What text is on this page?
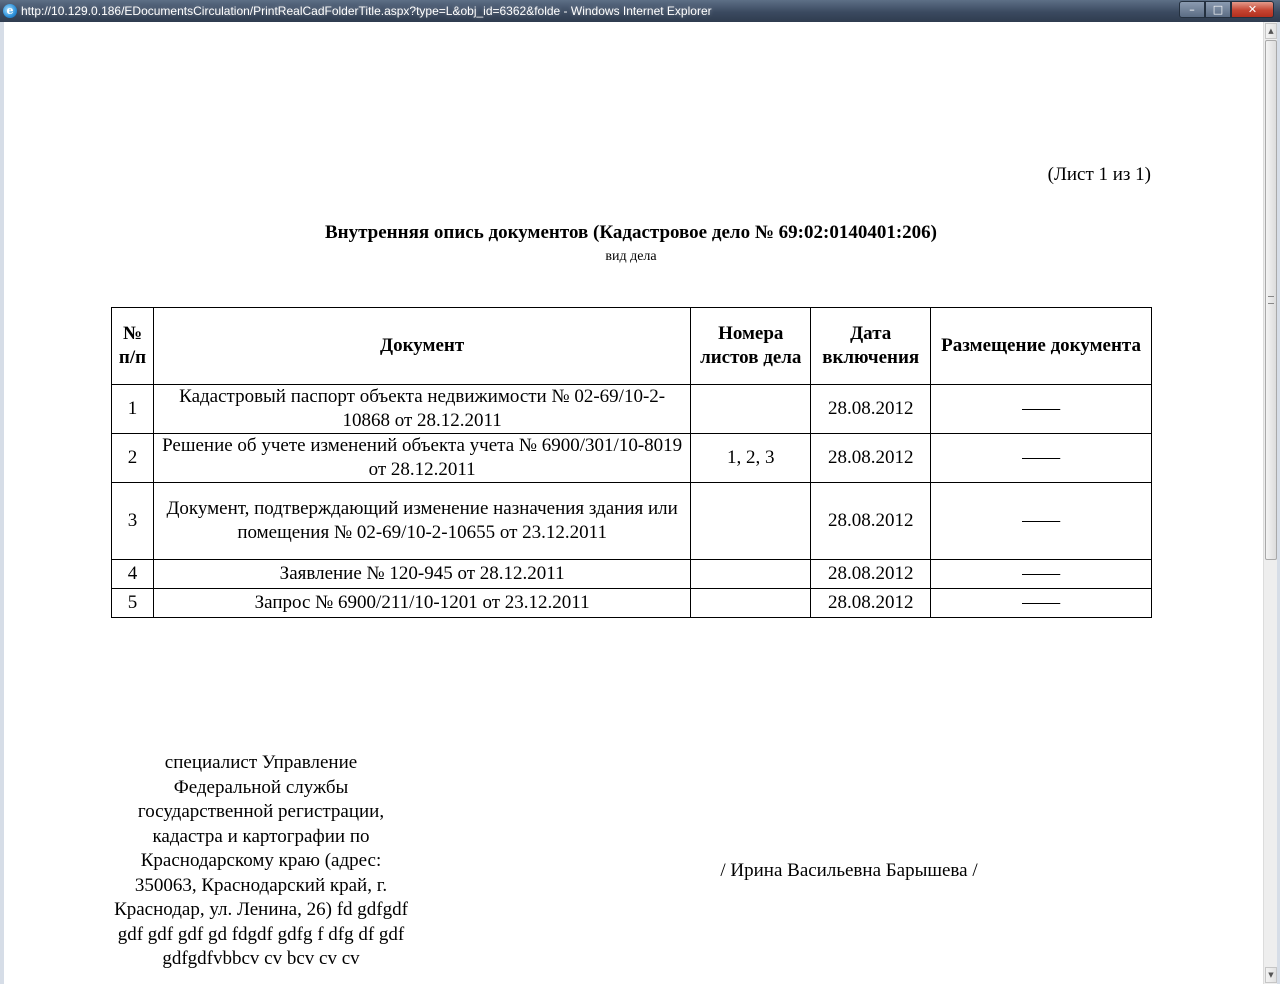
e http://10.129.0.186/EDocumentsCirculation/PrintRealCadFolderTitle.aspx?type=L&obj_id=6362&folde - Windows Internet Explorer	–	□	✕
(Лист 1 из 1)
Внутренняя опись документов (Кадастровое дело № 69:02:0140401:206)
вид дела
№ п/п	Документ	Номера листов дела	Дата включения	Размещение документа
1	Кадастровый паспорт объекта недвижимости № 02-69/10-2-10868 от 28.12.2011		28.08.2012	——
2	Решение об учете изменений объекта учета № 6900/301/10-8019 от 28.12.2011	1, 2, 3	28.08.2012	——
3	Документ, подтверждающий изменение назначения здания или помещения № 02-69/10-2-10655 от 23.12.2011		28.08.2012	——
4	Заявление № 120-945 от 28.12.2011		28.08.2012	——
5	Запрос № 6900/211/10-1201 от 23.12.2011		28.08.2012	——
специалист Управление Федеральной службы государственной регистрации, кадастра и картографии по Краснодарскому краю (адрес: 350063, Краснодарский край, г. Краснодар, ул. Ленина, 26) fd gdfgdf gdf gdf gdf gd fdgdf gdfg f dfg df gdf gdfgdfvbbcv cv bcv cv cv
/ Ирина Васильевна Барышева /
▲
▼
